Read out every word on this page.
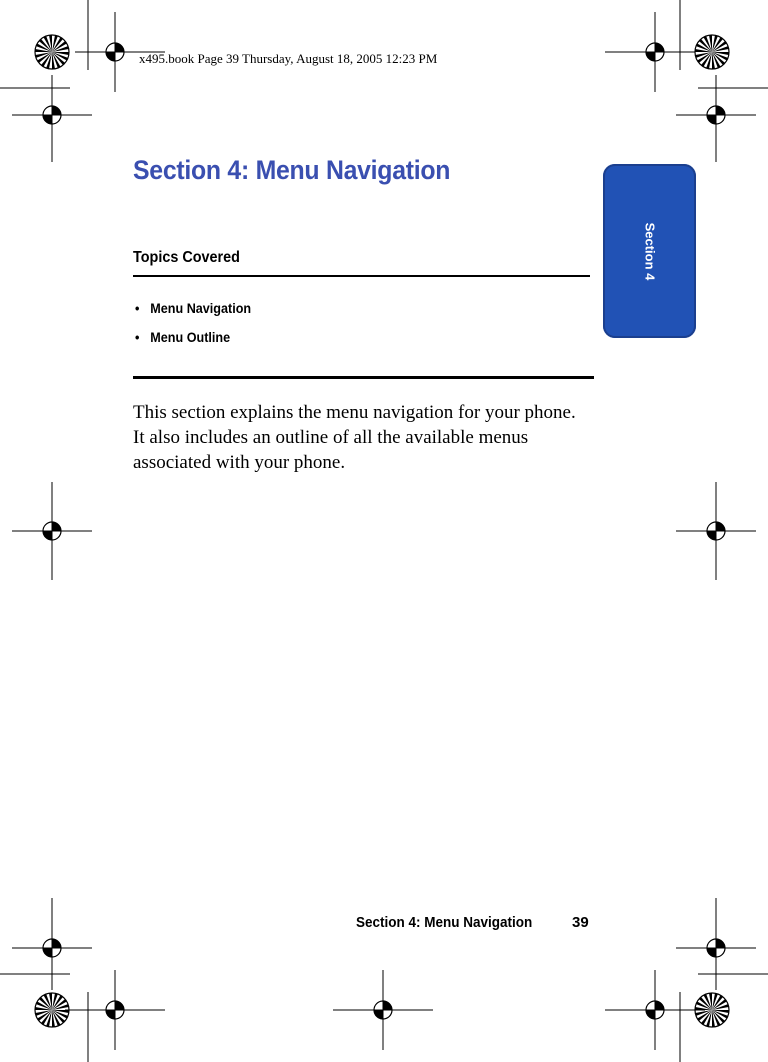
x495.book Page 39 Thursday, August 18, 2005 12:23 PM
Section 4
Section 4: Menu Navigation
Topics Covered
• Menu Navigation
• Menu Outline

This section explains the menu navigation for your phone. It also includes an outline of all the available menus associated with your phone.

Section 4: Menu Navigation	39
